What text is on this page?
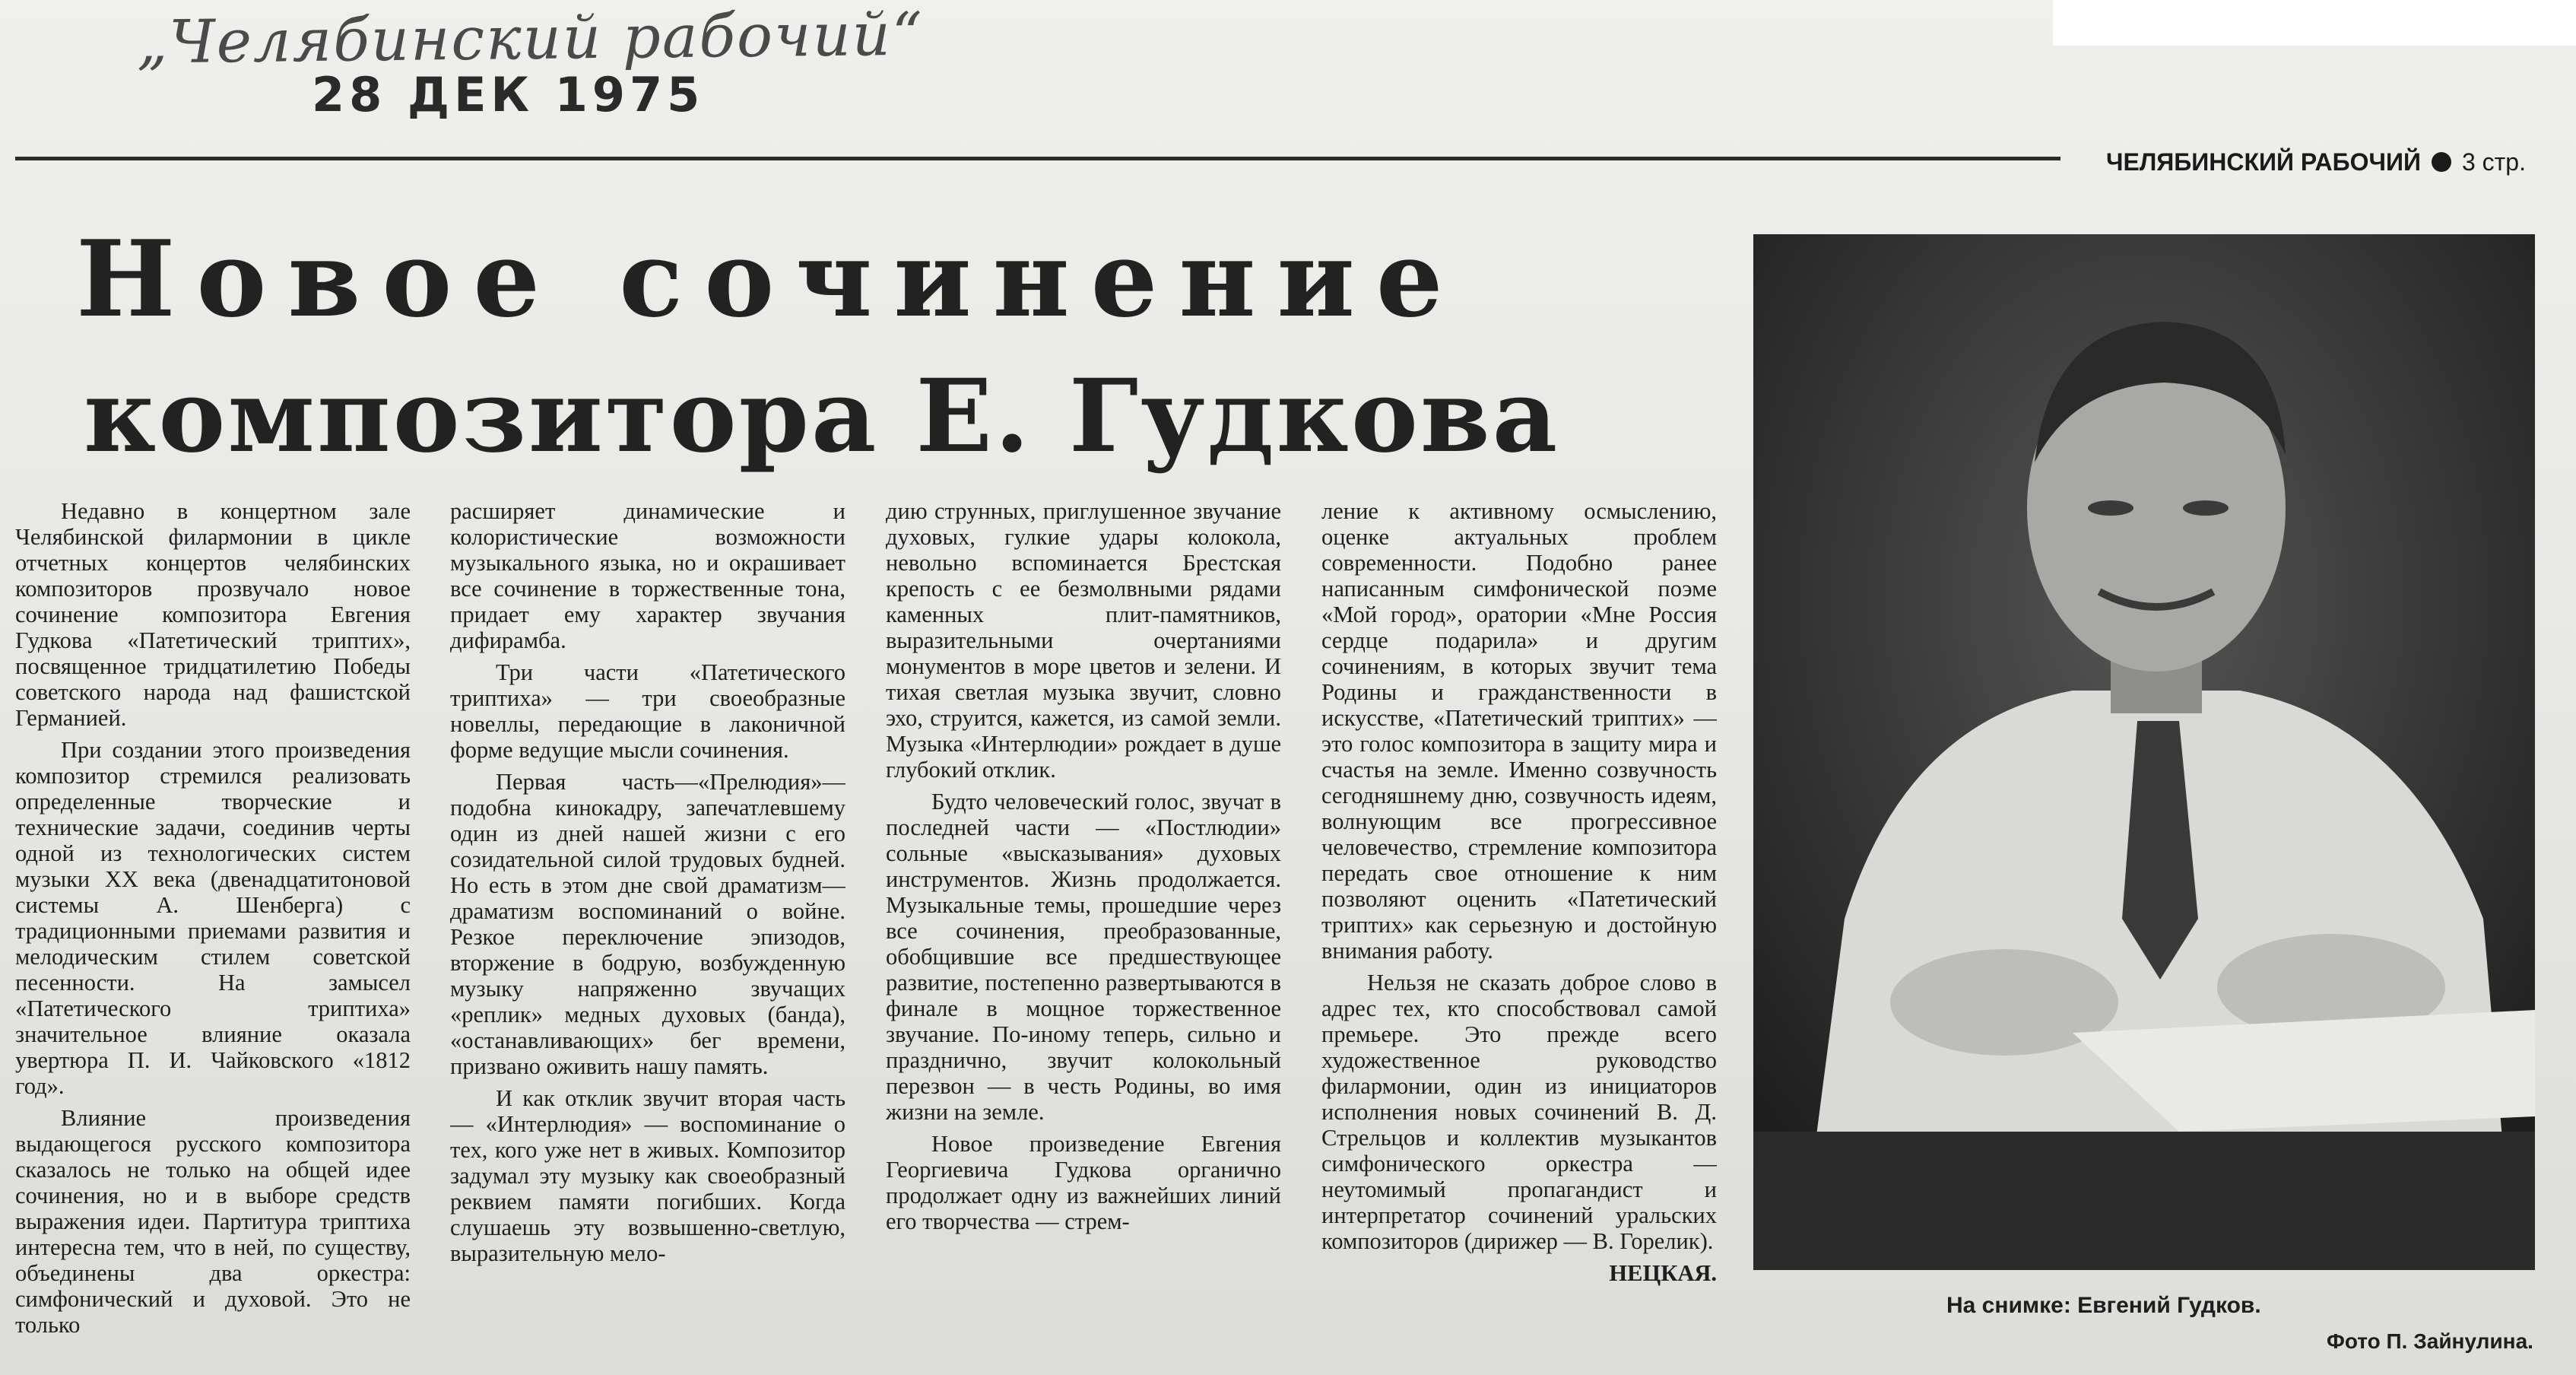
„Челябинский рабочий“
28 ДЕК 1975
ЧЕЛЯБИНСКИЙ РАБОЧИЙ 3 стр.
Новое сочинение
композитора Е. Гудкова

Недавно в концертном зале Челябинской филармонии в цикле отчетных концертов челябинских композиторов прозвучало новое сочинение композитора Евгения Гудкова «Патетический триптих», посвященное тридцатилетию Победы советского народа над фашистской Германией.

При создании этого произведения композитор стремился реализовать определенные творческие и технические задачи, соединив черты одной из технологических систем музыки XX века (двенадцатитоновой системы А. Шенберга) с традиционными приемами развития и мелодическим стилем советской песенности. На замысел «Патетического триптиха» значительное влияние оказала увертюра П. И. Чайковского «1812 год».

Влияние произведения выдающегося русского композитора сказалось не только на общей идее сочинения, но и в выборе средств выражения идеи. Партитура триптиха интересна тем, что в ней, по существу, объединены два оркестра: симфонический и духовой. Это не только

расширяет динамические и колористические возможности музыкального языка, но и окрашивает все сочинение в торжественные тона, придает ему характер звучания дифирамба.

Три части «Патетического триптиха» — три своеобразные новеллы, передающие в лаконичной форме ведущие мысли сочинения.

Первая часть—«Прелюдия»— подобна кинокадру, запечатлевшему один из дней нашей жизни с его созидательной силой трудовых будней. Но есть в этом дне свой драматизм—драматизм воспоминаний о войне. Резкое переключение эпизодов, вторжение в бодрую, возбужденную музыку напряженно звучащих «реплик» медных духовых (банда), «останавливающих» бег времени, призвано оживить нашу память.

И как отклик звучит вторая часть — «Интерлюдия» — воспоминание о тех, кого уже нет в живых. Композитор задумал эту музыку как своеобразный реквием памяти погибших. Когда слушаешь эту возвышенно-светлую, выразительную мело-

дию струнных, приглушенное звучание духовых, гулкие удары колокола, невольно вспоминается Брестская крепость с ее безмолвными рядами каменных плит-памятников, выразительными очертаниями монументов в море цветов и зелени. И тихая светлая музыка звучит, словно эхо, струится, кажется, из самой земли. Музыка «Интерлюдии» рождает в душе глубокий отклик.

Будто человеческий голос, звучат в последней части — «Постлюдии» сольные «высказывания» духовых инструментов. Жизнь продолжается. Музыкальные темы, прошедшие через все сочинения, преобразованные, обобщившие все предшествующее развитие, постепенно развертываются в финале в мощное торжественное звучание. По-иному теперь, сильно и празднично, звучит колокольный перезвон — в честь Родины, во имя жизни на земле.

Новое произведение Евгения Георгиевича Гудкова органично продолжает одну из важнейших линий его творчества — стрем-

ление к активному осмыслению, оценке актуальных проблем современности. Подобно ранее написанным симфонической поэме «Мой город», оратории «Мне Россия сердце подарила» и другим сочинениям, в которых звучит тема Родины и гражданственности в искусстве, «Патетический триптих» — это голос композитора в защиту мира и счастья на земле. Именно созвучность сегодняшнему дню, созвучность идеям, волнующим все прогрессивное человечество, стремление композитора передать свое отношение к ним позволяют оценить «Патетический триптих» как серьезную и достойную внимания работу.

Нельзя не сказать доброе слово в адрес тех, кто способствовал самой премьере. Это прежде всего художественное руководство филармонии, один из инициаторов исполнения новых сочинений В. Д. Стрельцов и коллектив музыкантов симфонического оркестра — неутомимый пропагандист и интерпретатор сочинений уральских композиторов (дирижер — В. Горелик).

НЕЦКАЯ.
На снимке: Евгений Гудков.
Фото П. Зайнулина.
